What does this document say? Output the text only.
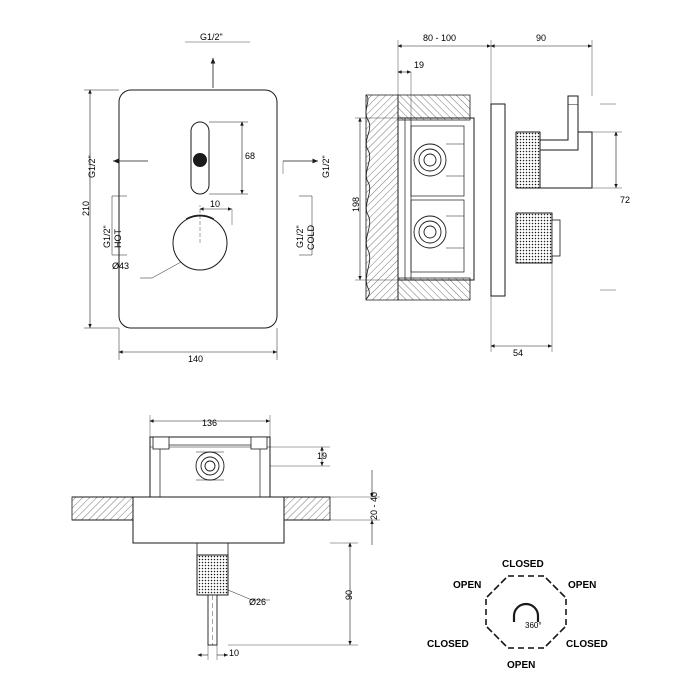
G1/2"
210
140
68
10
Ø43
G1/2"
G1/2" HOT
G1/2"
G1/2" COLD
80 - 100	90
19
198	72
54
136
19
20 - 40
90
Ø26
10
CLOSED
OPEN	OPEN
CLOSED	CLOSED
OPEN
360°
